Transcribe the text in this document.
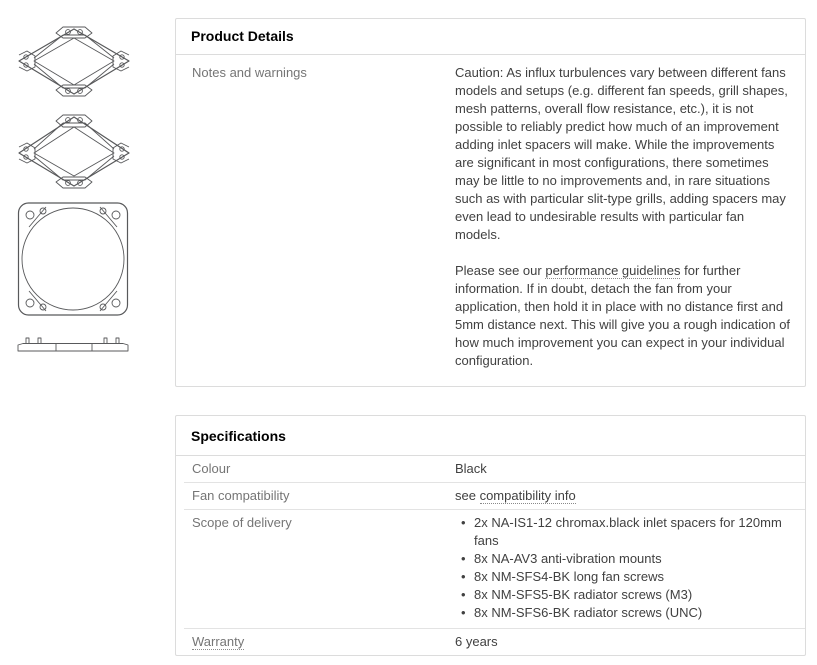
Product Details
Notes and warnings	Caution: As influx turbulences vary between different fans models and setups (e.g. different fan speeds, grill shapes, mesh patterns, overall flow resistance, etc.), it is not possible to reliably predict how much of an improvement adding inlet spacers will make. While the improvements are significant in most configurations, there sometimes may be little to no improvements and, in rare situations such as with particular slit-type grills, adding spacers may even lead to undesirable results with particular fan models.

Please see our performance guidelines for further information. If in doubt, detach the fan from your application, then hold it in place with no distance first and 5mm distance next. This will give you a rough indication of how much improvement you can expect in your individual configuration.

Specifications
Colour	Black
Fan compatibility	see compatibility info
Scope of delivery	• 2x NA-IS1-12 chromax.black inlet spacers for 120mm fans
• 8x NA-AV3 anti-vibration mounts
• 8x NM-SFS4-BK long fan screws
• 8x NM-SFS5-BK radiator screws (M3)
• 8x NM-SFS6-BK radiator screws (UNC)
Warranty	6 years
